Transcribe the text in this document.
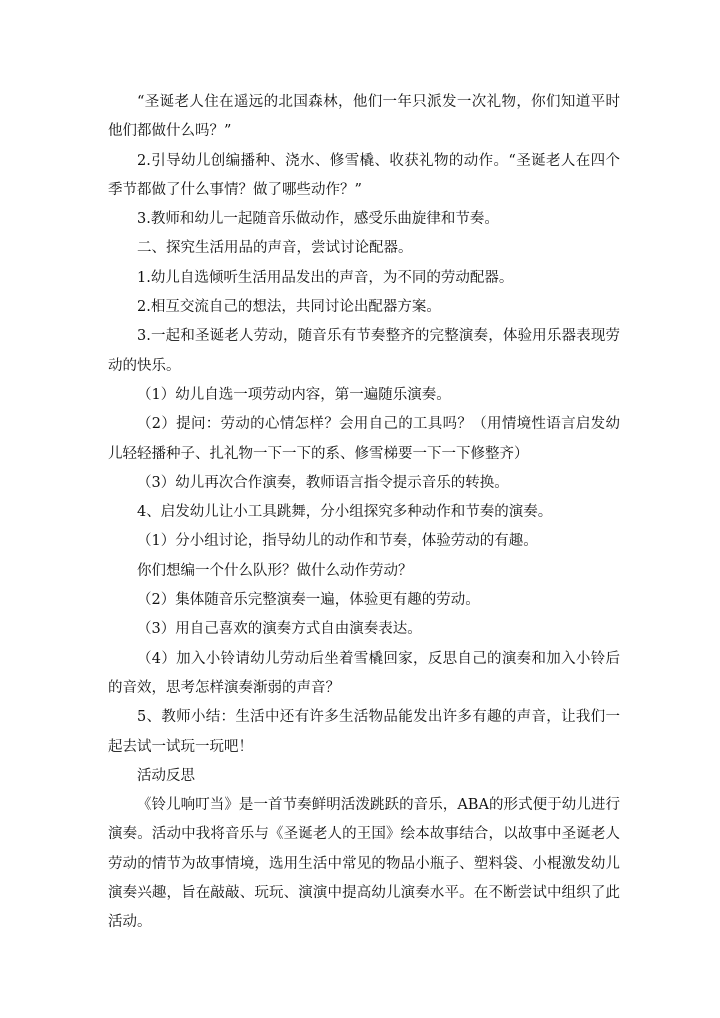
“圣诞老人住在遥远的北国森林，他们一年只派发一次礼物，你们知道平时他们都做什么吗？”

2.引导幼儿创编播种、浇水、修雪橇、收获礼物的动作。“圣诞老人在四个季节都做了什么事情？做了哪些动作？”

3.教师和幼儿一起随音乐做动作，感受乐曲旋律和节奏。

二、探究生活用品的声音，尝试讨论配器。

1.幼儿自选倾听生活用品发出的声音，为不同的劳动配器。

2.相互交流自己的想法，共同讨论出配器方案。

3.一起和圣诞老人劳动，随音乐有节奏整齐的完整演奏，体验用乐器表现劳动的快乐。

（1）幼儿自选一项劳动内容，第一遍随乐演奏。

（2）提问：劳动的心情怎样？会用自己的工具吗？（用情境性语言启发幼儿轻轻播种子、扎礼物一下一下的系、修雪梯要一下一下修整齐）

（3）幼儿再次合作演奏，教师语言指令提示音乐的转换。

4、启发幼儿让小工具跳舞，分小组探究多种动作和节奏的演奏。

（1）分小组讨论，指导幼儿的动作和节奏，体验劳动的有趣。

你们想编一个什么队形？做什么动作劳动？

（2）集体随音乐完整演奏一遍，体验更有趣的劳动。

（3）用自己喜欢的演奏方式自由演奏表达。

（4）加入小铃请幼儿劳动后坐着雪橇回家，反思自己的演奏和加入小铃后的音效，思考怎样演奏渐弱的声音？

5、教师小结：生活中还有许多生活物品能发出许多有趣的声音，让我们一起去试一试玩一玩吧！

活动反思

《铃儿响叮当》是一首节奏鲜明活泼跳跃的音乐，ABA的形式便于幼儿进行演奏。活动中我将音乐与《圣诞老人的王国》绘本故事结合，以故事中圣诞老人劳动的情节为故事情境，选用生活中常见的物品小瓶子、塑料袋、小棍激发幼儿演奏兴趣，旨在敲敲、玩玩、演演中提高幼儿演奏水平。在不断尝试中组织了此活动。
